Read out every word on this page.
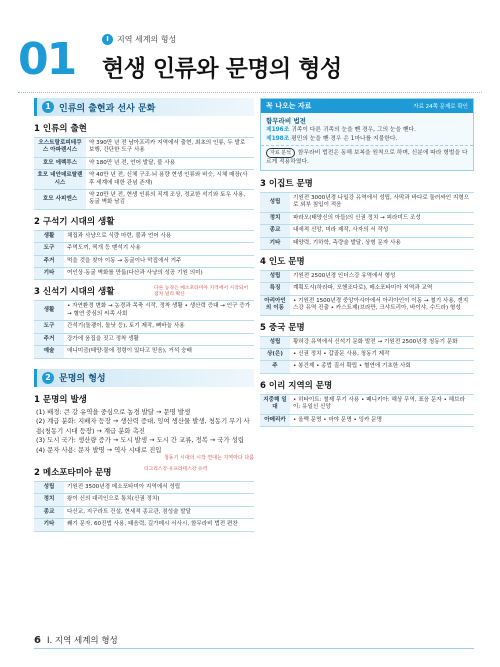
I	지역 세계의 형성
01 현생 인류와 문명의 형성
1 인류의 출현과 선사 문화
1 인류의 출현
오스트랄로피테쿠스 아파렌시스	약 390만 년 전 남아프리카 지역에서 출현, 최초의 인류, 두 발로 보행, 간단한 도구 사용
호모 에렉투스	약 180만 년 전, 언어 발달, 불 사용
호모 네안데르탈렌시스	약 40만 년 전, 신체 구조·뇌 용량 현생 인류와 비슷, 시체 매장(사후 세계에 대한 관념 존재)
호모 사피엔스	약 20만 년 전, 현생 인류의 직계 조상, 정교한 석기와 토우 사용, 동굴 벽화 남김
2 구석기 시대의 생활
생활	채집과 사냥으로 식량 마련, 불과 언어 사용
도구	주먹도끼, 찍개 등 뗀석기 사용
주거	먹을 것을 찾아 이동 → 동굴이나 막집에서 거주
기타	여인상·동굴 벽화를 만듦(다산과 사냥의 성공 기원 의미)
3 신석기 시대의 생활	다른 농경은 메소포타미아 지역에서 시작되어 점차 널리 확산
생활	• 자연환경 변화 → 농경과 목축 시작, 정착 생활 • 생산력 증대 → 인구 증가 → 혈연 중심의 씨족 사회
도구	간석기(돌괭이, 돌낫 등), 토기 제작, 뼈바늘 사용
주거	강가에 움집을 짓고 정착 생활
예술	애니미즘(태양·물에 정령이 있다고 믿음), 거석 숭배
2 문명의 형성
1 문명의 발생
(1) 배경: 큰 강 유역을 중심으로 농경 발달 → 문명 발생
(2) 계급 분화: 지배자 등장 → 생산력 증대, 잉여 생산물 발생, 청동기 무기 사용(청동기 시대 등장) → 계급 분화 촉진
(3) 도시 국가: 생산량 증가 → 도시 발생 → 도시 간 교류, 정복 → 국가 성립
(4) 문자 사용: 문자 발명 → 역사 시대로 진입
청동기 시대의 시작 연대는 지역마다 다름
2 메소포타미아 문명	티그리스강·유프라테스강 유역
성립	기원전 3500년경 메소포타미아 지역에서 성립
정치	왕이 신의 대리인으로 통치(신권 정치)
종교	다신교, 지구라트 건설, 현세적 종교관, 점성술 발달
기타	쐐기 문자, 60진법 사용, 태음력, 길가메시 서사시, 함무라비 법전 편찬
꼭 나오는 자료	자료 24쪽 문제로 확인
함무라비 법전
제196조 귀족이 다른 귀족의 눈을 뺀 경우, 그의 눈을 뺀다.
제198조 평민의 눈을 뺀 경우 은 1마나를 지불한다.
자료 분석 함무라비 법전은 동해 보복을 원칙으로 하며, 신분에 따라 형벌을 다르게 적용하였다.
3 이집트 문명
성립	기원전 3000년경 나일강 유역에서 성립, 사막과 바다로 둘러싸인 지형으로 외부 침입이 적음
정치	파라오(태양신의 아들)의 신권 정치 → 피라미드 조성
종교	내세적 신앙, 미라 제작, 사자의 서 작성
기타	태양력, 기하학, 측량술 발달, 상형 문자 사용
4 인도 문명
성립	기원전 2500년경 인더스강 유역에서 형성
특징	계획도시(하라파, 모헨조다로), 메소포타미아 지역과 교역
아리아인의 이동	• 기원전 1500년경 중앙아시아에서 아리아인이 이동 → 철기 사용, 갠지스강 유역 진출 • 카스트제(브라만, 크샤트리아, 바이샤, 수드라) 형성
5 중국 문명
성립	황허강 유역에서 신석기 문화 발전 → 기원전 2500년경 청동기 문화
상(은)	• 신권 정치 • 갑골문 사용, 청동기 제작
주	• 봉건제 • 종법 질서 확립 • 혈연에 기초한 사회
6 이리 지역의 문명
지중해 일대	• 히타이트: 철제 무기 사용 • 페니키아: 해상 무역, 표음 문자 • 헤브라이: 유일신 신앙
아메리카	• 올멕 문명 • 마야 문명 • 잉카 문명
6 I. 지역 세계의 형성
